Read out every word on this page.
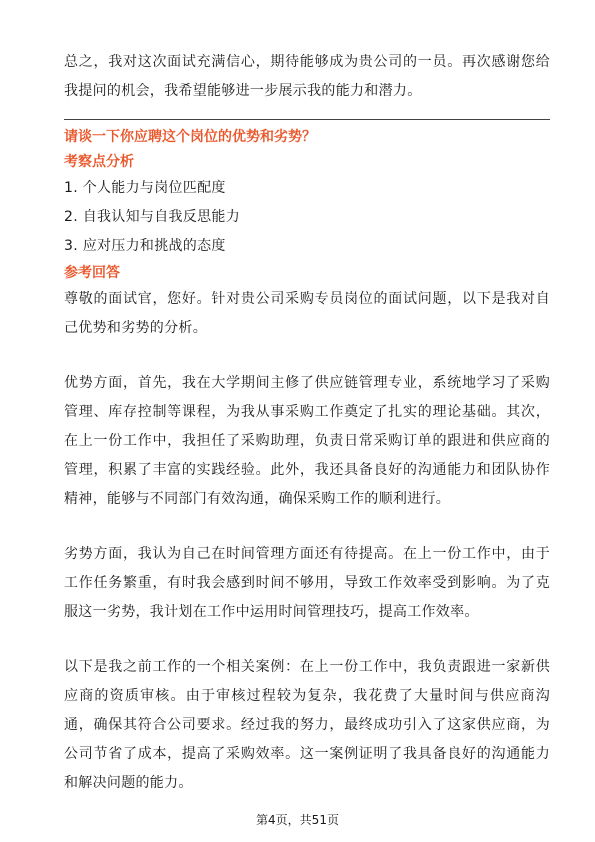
总之，我对这次面试充满信心，期待能够成为贵公司的一员。再次感谢您给我提问的机会，我希望能够进一步展示我的能力和潜力。

请谈一下你应聘这个岗位的优势和劣势？
考察点分析
1. 个人能力与岗位匹配度
2. 自我认知与自我反思能力
3. 应对压力和挑战的态度
参考回答

尊敬的面试官，您好。针对贵公司采购专员岗位的面试问题，以下是我对自己优势和劣势的分析。

优势方面，首先，我在大学期间主修了供应链管理专业，系统地学习了采购管理、库存控制等课程，为我从事采购工作奠定了扎实的理论基础。其次，在上一份工作中，我担任了采购助理，负责日常采购订单的跟进和供应商的管理，积累了丰富的实践经验。此外，我还具备良好的沟通能力和团队协作精神，能够与不同部门有效沟通，确保采购工作的顺利进行。

劣势方面，我认为自己在时间管理方面还有待提高。在上一份工作中，由于工作任务繁重，有时我会感到时间不够用，导致工作效率受到影响。为了克服这一劣势，我计划在工作中运用时间管理技巧，提高工作效率。

以下是我之前工作的一个相关案例：在上一份工作中，我负责跟进一家新供应商的资质审核。由于审核过程较为复杂，我花费了大量时间与供应商沟通，确保其符合公司要求。经过我的努力，最终成功引入了这家供应商，为公司节省了成本，提高了采购效率。这一案例证明了我具备良好的沟通能力和解决问题的能力。

第4页，共51页
